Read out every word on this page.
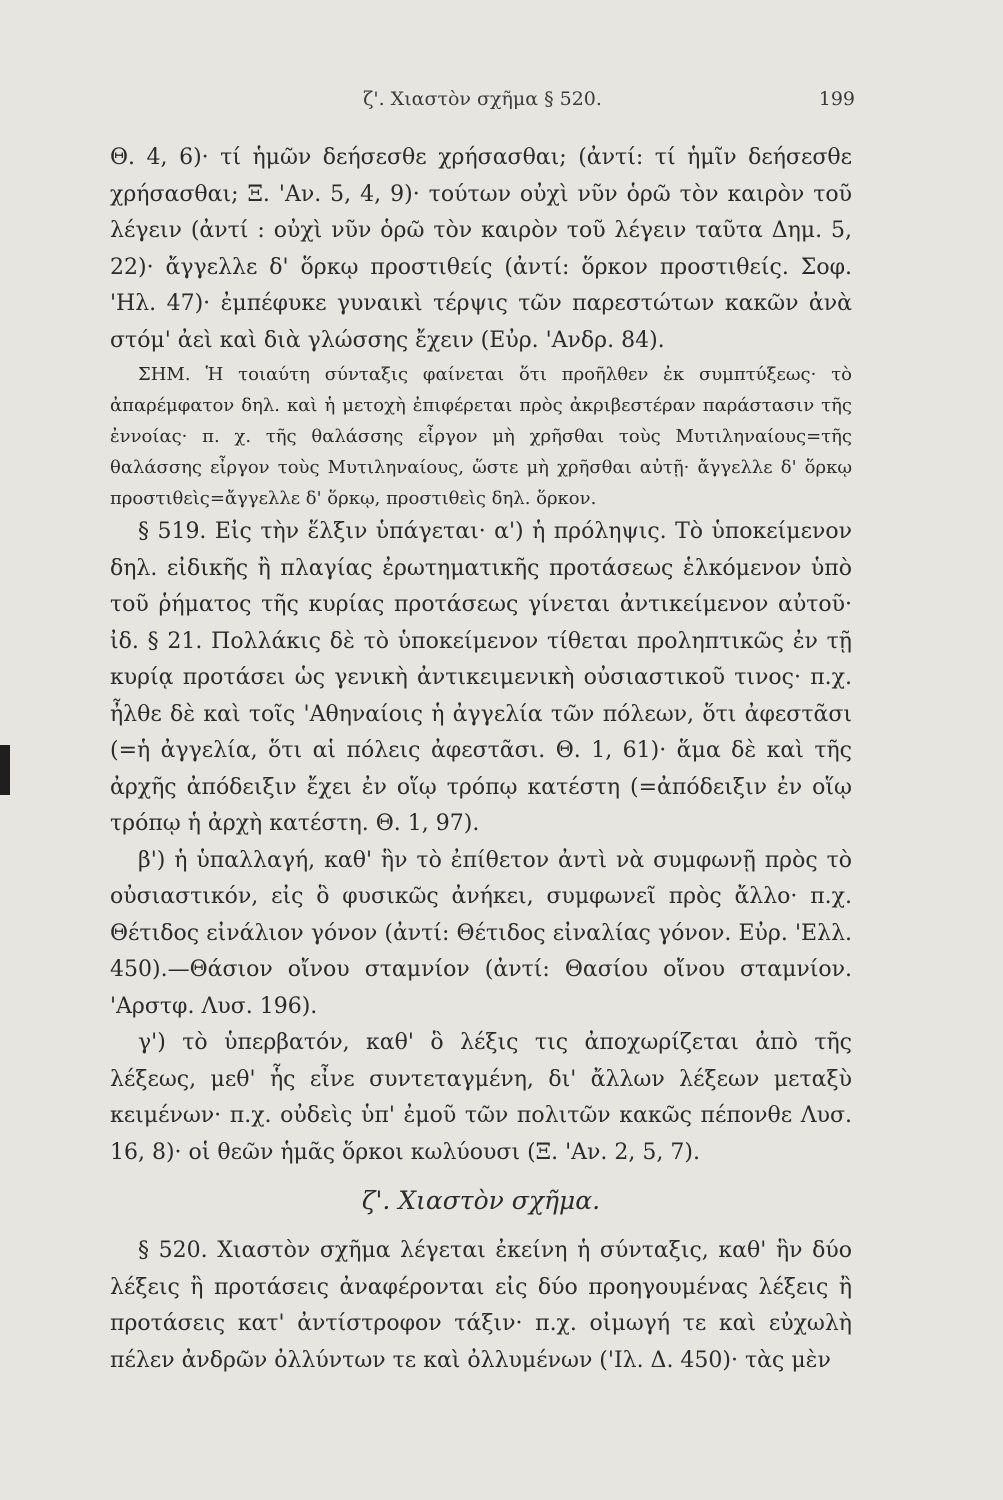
ζ'. Χιαστὸν σχῆμα § 520.	199

Θ. 4, 6)· τί ἡμῶν δεήσεσθε χρήσασθαι; (ἀντί: τί ἡμῖν δεήσεσθε χρήσασθαι; Ξ. 'Αν. 5, 4, 9)· τούτων οὐχὶ νῦν ὁρῶ τὸν καιρὸν τοῦ λέγειν (ἀντί : οὐχὶ νῦν ὁρῶ τὸν καιρὸν τοῦ λέγειν ταῦτα Δημ. 5, 22)· ἄγγελλε δ' ὅρκῳ προστιθείς (ἀντί: ὅρκον προστιθείς. Σοφ. 'Ηλ. 47)· ἐμπέφυκε γυναικὶ τέρψις τῶν παρεστώτων κακῶν ἀνὰ στόμ' ἀεὶ καὶ διὰ γλώσσης ἔχειν (Εὐρ. 'Ανδρ. 84).

ΣΗΜ. Ἡ τοιαύτη σύνταξις φαίνεται ὅτι προῆλθεν ἐκ συμπτύξεως· τὸ ἀπαρέμφατον δηλ. καὶ ἡ μετοχὴ ἐπιφέρεται πρὸς ἀκριβεστέραν παράστασιν τῆς ἐννοίας· π. χ. τῆς θαλάσσης εἶργον μὴ χρῆσθαι τοὺς Μυτιληναίους=τῆς θαλάσσης εἶργον τοὺς Μυτιληναίους, ὥστε μὴ χρῆσθαι αὐτῇ· ἄγγελλε δ' ὅρκῳ προστιθεὶς=ἄγγελλε δ' ὅρκῳ, προστιθεὶς δηλ. ὅρκον.

§ 519. Εἰς τὴν ἕλξιν ὑπάγεται· α') ἡ πρόληψις. Τὸ ὑποκείμενον δηλ. εἰδικῆς ἢ πλαγίας ἐρωτηματικῆς προτάσεως ἑλκόμενον ὑπὸ τοῦ ῥήματος τῆς κυρίας προτάσεως γίνεται ἀντικείμενον αὐτοῦ· ἰδ. § 21. Πολλάκις δὲ τὸ ὑποκείμενον τίθεται προληπτικῶς ἐν τῇ κυρίᾳ προτάσει ὡς γενικὴ ἀντικειμενικὴ οὐσιαστικοῦ τινος· π.χ. ἦλθε δὲ καὶ τοῖς 'Αθηναίοις ἡ ἀγγελία τῶν πόλεων, ὅτι ἀφεστᾶσι (=ἡ ἀγγελία, ὅτι αἱ πόλεις ἀφεστᾶσι. Θ. 1, 61)· ἅμα δὲ καὶ τῆς ἀρχῆς ἀπόδειξιν ἔχει ἐν οἵῳ τρόπῳ κατέστη (=ἀπόδειξιν ἐν οἵῳ τρόπῳ ἡ ἀρχὴ κατέστη. Θ. 1, 97).

β') ἡ ὑπαλλαγή, καθ' ἣν τὸ ἐπίθετον ἀντὶ νὰ συμφωνῇ πρὸς τὸ οὐσιαστικόν, εἰς ὃ φυσικῶς ἀνήκει, συμφωνεῖ πρὸς ἄλλο· π.χ. Θέτιδος εἰνάλιον γόνον (ἀντί: Θέτιδος εἰναλίας γόνον. Εὐρ. 'Ελλ. 450).—Θάσιον οἴνου σταμνίον (ἀντί: Θασίου οἴνου σταμνίον. 'Αρστφ. Λυσ. 196).

γ') τὸ ὑπερβατόν, καθ' ὃ λέξις τις ἀποχωρίζεται ἀπὸ τῆς λέξεως, μεθ' ἧς εἶνε συντεταγμένη, δι' ἄλλων λέξεων μεταξὺ κειμένων· π.χ. οὐδεὶς ὑπ' ἐμοῦ τῶν πολιτῶν κακῶς πέπονθε Λυσ. 16, 8)· οἱ θεῶν ἡμᾶς ὅρκοι κωλύουσι (Ξ. 'Αν. 2, 5, 7).

ζ'. Χιαστὸν σχῆμα.

§ 520. Χιαστὸν σχῆμα λέγεται ἐκείνη ἡ σύνταξις, καθ' ἣν δύο λέξεις ἢ προτάσεις ἀναφέρονται εἰς δύο προηγουμένας λέξεις ἢ προτάσεις κατ' ἀντίστροφον τάξιν· π.χ. οἰμωγή τε καὶ εὐχωλὴ πέλεν ἀνδρῶν ὀλλύντων τε καὶ ὀλλυμένων ('Ιλ. Δ. 450)· τὰς μὲν
